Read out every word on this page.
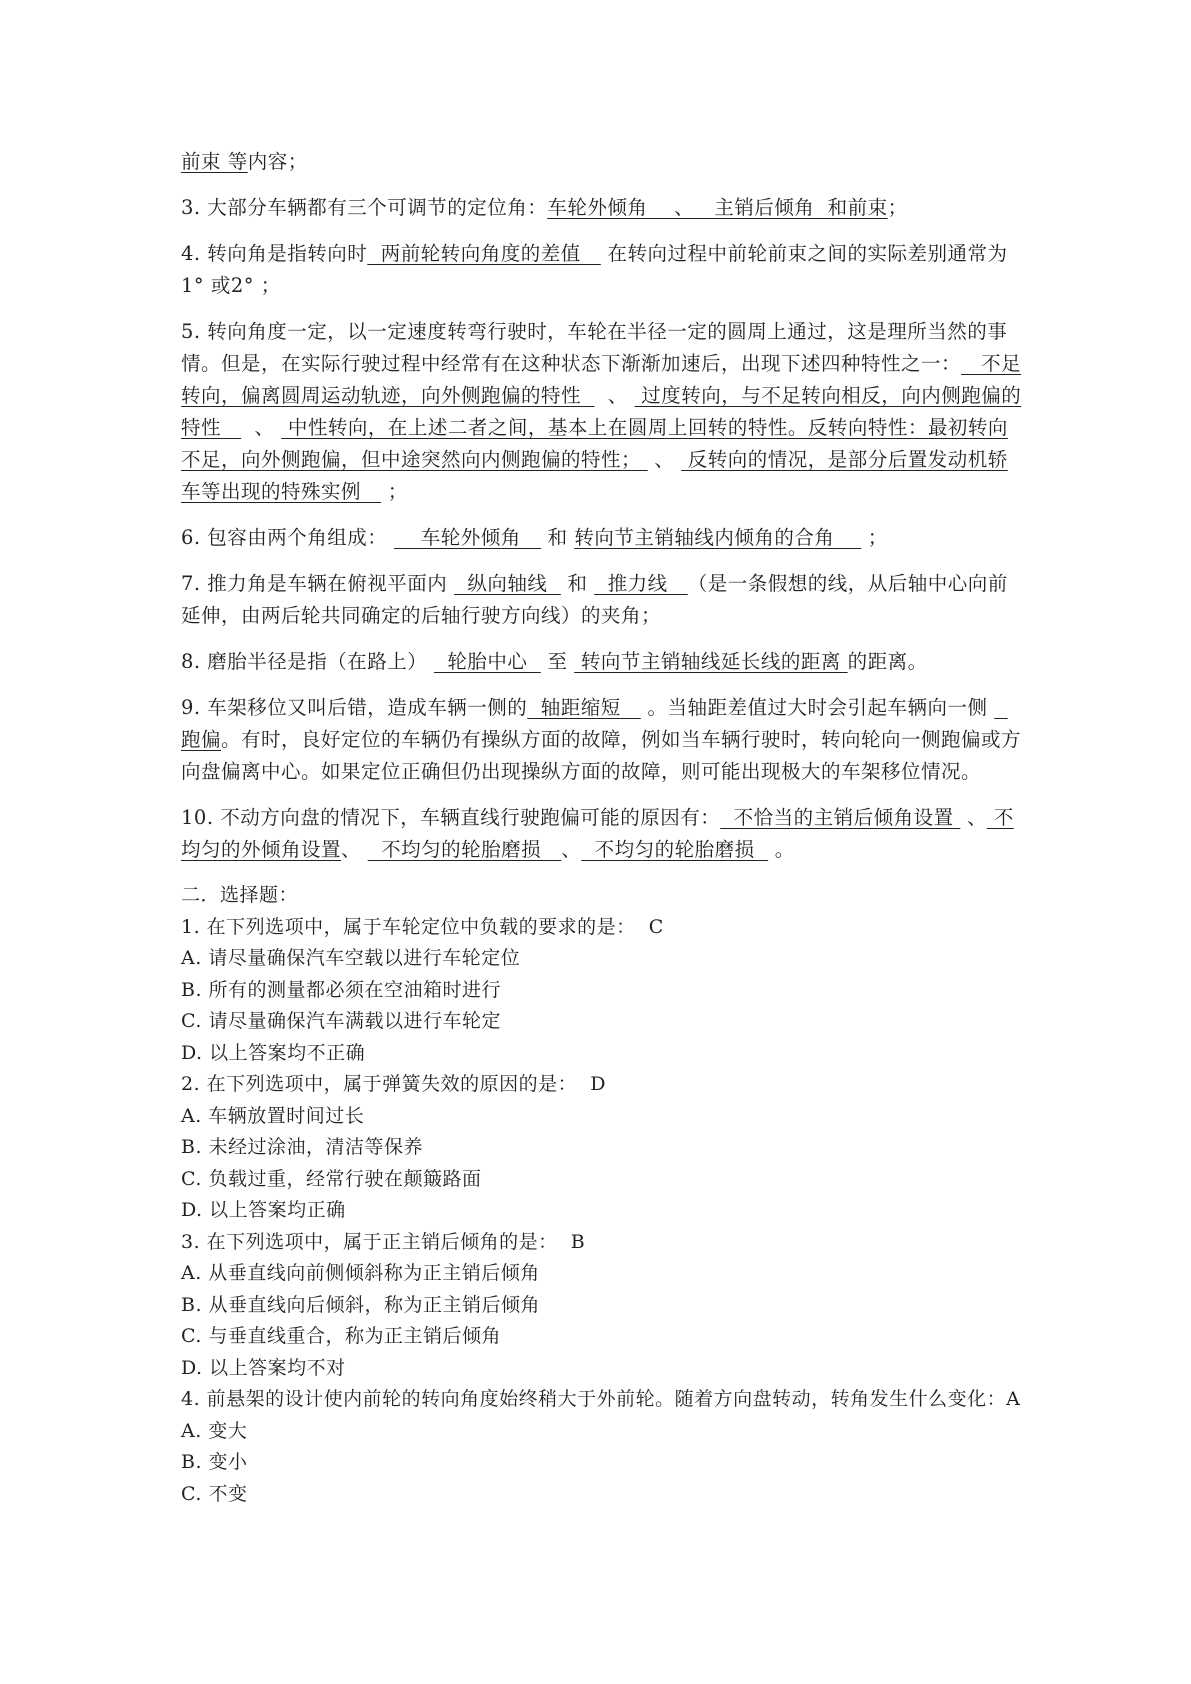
前束 等内容；
3. 大部分车辆都有三个可调节的定位角：车轮外倾角    、   主销后倾角  和前束；
4. 转向角是指转向时  两前轮转向角度的差值    在转向过程中前轮前束之间的实际差别通常为1° 或2° ；
5. 转向角度一定，以一定速度转弯行驶时，车轮在半径一定的圆周上通过，这是理所当然的事情。但是，在实际行驶过程中经常有在这种状态下渐渐加速后，出现下述四种特性之一：   不足转向，偏离圆周运动轨迹，向外侧跑偏的特性    、  过度转向，与不足转向相反，向内侧跑偏的特性     、  中性转向，在上述二者之间，基本上在圆周上回转的特性。反转向特性：最初转向不足，向外侧跑偏，但中途突然向内侧跑偏的特性；  、  反转向的情况，是部分后置发动机轿车等出现的特殊实例    ；
6. 包容由两个角组成：     车轮外倾角    和 转向节主销轴线内倾角的合角     ；
7. 推力角是车辆在俯视平面内   纵向轴线   和   推力线   （是一条假想的线，从后轴中心向前延伸，由两后轮共同确定的后轴行驶方向线）的夹角；
8. 磨胎半径是指（在路上）   轮胎中心   至  转向节主销轴线延长线的距离 的距离。
9. 车架移位又叫后错，造成车辆一侧的  轴距缩短    。当轴距差值过大时会引起车辆向一侧   跑偏。有时，良好定位的车辆仍有操纵方面的故障，例如当车辆行驶时，转向轮向一侧跑偏或方向盘偏离中心。如果定位正确但仍出现操纵方面的故障，则可能出现极大的车架移位情况。
10. 不动方向盘的情况下，车辆直线行驶跑偏可能的原因有：  不恰当的主销后倾角设置  、 不均匀的外倾角设置、   不均匀的轮胎磨损   、  不均匀的轮胎磨损   。
二．选择题：
1. 在下列选项中，属于车轮定位中负载的要求的是：  C
A. 请尽量确保汽车空载以进行车轮定位
B. 所有的测量都必须在空油箱时进行
C. 请尽量确保汽车满载以进行车轮定
D. 以上答案均不正确
2. 在下列选项中，属于弹簧失效的原因的是：  D
A. 车辆放置时间过长
B. 未经过涂油，清洁等保养
C. 负载过重，经常行驶在颠簸路面
D. 以上答案均正确
3. 在下列选项中，属于正主销后倾角的是：  B
A. 从垂直线向前侧倾斜称为正主销后倾角
B. 从垂直线向后倾斜，称为正主销后倾角
C. 与垂直线重合，称为正主销后倾角
D. 以上答案均不对
4. 前悬架的设计使内前轮的转向角度始终稍大于外前轮。随着方向盘转动，转角发生什么变化：A
A. 变大
B. 变小
C. 不变
